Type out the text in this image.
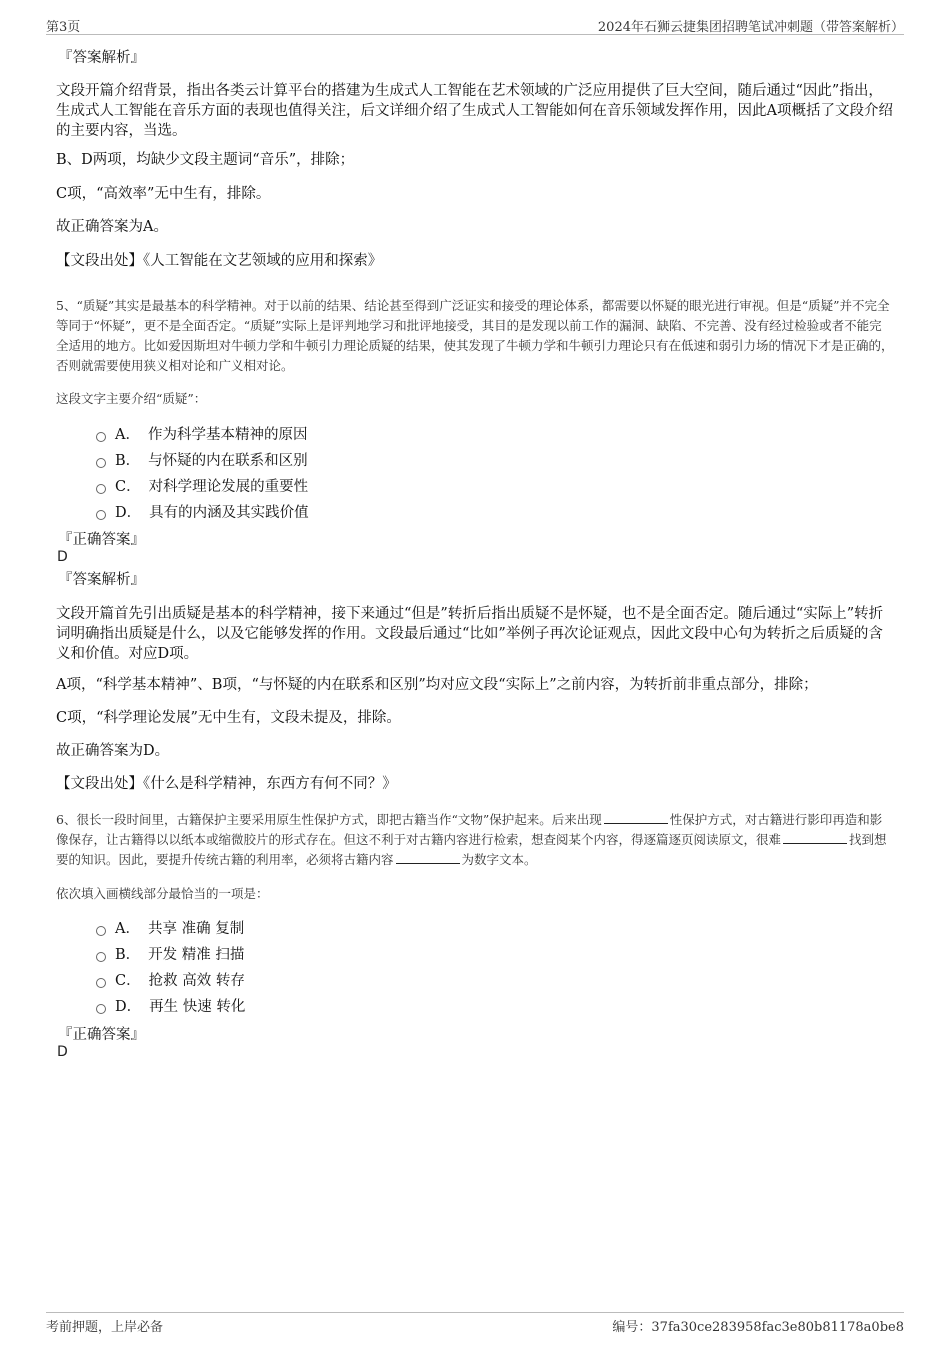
第3页	2024年石狮云捷集团招聘笔试冲刺题（带答案解析）
『答案解析』
文段开篇介绍背景，指出各类云计算平台的搭建为生成式人工智能在艺术领域的广泛应用提供了巨大空间，随后通过“因此”指出，生成式人工智能在音乐方面的表现也值得关注，后文详细介绍了生成式人工智能如何在音乐领域发挥作用，因此A项概括了文段介绍的主要内容，当选。
B、D两项，均缺少文段主题词“音乐”，排除；
C项，“高效率”无中生有，排除。
故正确答案为A。
【文段出处】《人工智能在文艺领域的应用和探索》
5、“质疑”其实是最基本的科学精神。对于以前的结果、结论甚至得到广泛证实和接受的理论体系，都需要以怀疑的眼光进行审视。但是“质疑”并不完全等同于“怀疑”，更不是全面否定。“质疑”实际上是评判地学习和批评地接受，其目的是发现以前工作的漏洞、缺陷、不完善、没有经过检验或者不能完全适用的地方。比如爱因斯坦对牛顿力学和牛顿引力理论质疑的结果，使其发现了牛顿力学和牛顿引力理论只有在低速和弱引力场的情况下才是正确的，否则就需要使用狭义相对论和广义相对论。
这段文字主要介绍“质疑”：
A． 作为科学基本精神的原因
B． 与怀疑的内在联系和区别
C． 对科学理论发展的重要性
D． 具有的内涵及其实践价值
『正确答案』
D
『答案解析』
文段开篇首先引出质疑是基本的科学精神，接下来通过“但是”转折后指出质疑不是怀疑，也不是全面否定。随后通过“实际上”转折词明确指出质疑是什么，以及它能够发挥的作用。文段最后通过“比如”举例子再次论证观点，因此文段中心句为转折之后质疑的含义和价值。对应D项。
A项，“科学基本精神”、B项，“与怀疑的内在联系和区别”均对应文段“实际上”之前内容，为转折前非重点部分，排除；
C项，“科学理论发展”无中生有，文段未提及，排除。
故正确答案为D。
【文段出处】《什么是科学精神，东西方有何不同？》
6、很长一段时间里，古籍保护主要采用原生性保护方式，即把古籍当作“文物”保护起来。后来出现	性保护方式，对古籍进行影印再造和影像保存，让古籍得以以纸本或缩微胶片的形式存在。但这不利于对古籍内容进行检索，想查阅某个内容，得逐篇逐页阅读原文，很难	找到想要的知识。因此，要提升传统古籍的利用率，必须将古籍内容	为数字文本。
依次填入画横线部分最恰当的一项是：
A． 共享 准确 复制
B． 开发 精准 扫描
C． 抢救 高效 转存
D． 再生 快速 转化
『正确答案』
D
考前押题，上岸必备	编号：37fa30ce283958fac3e80b81178a0be8
